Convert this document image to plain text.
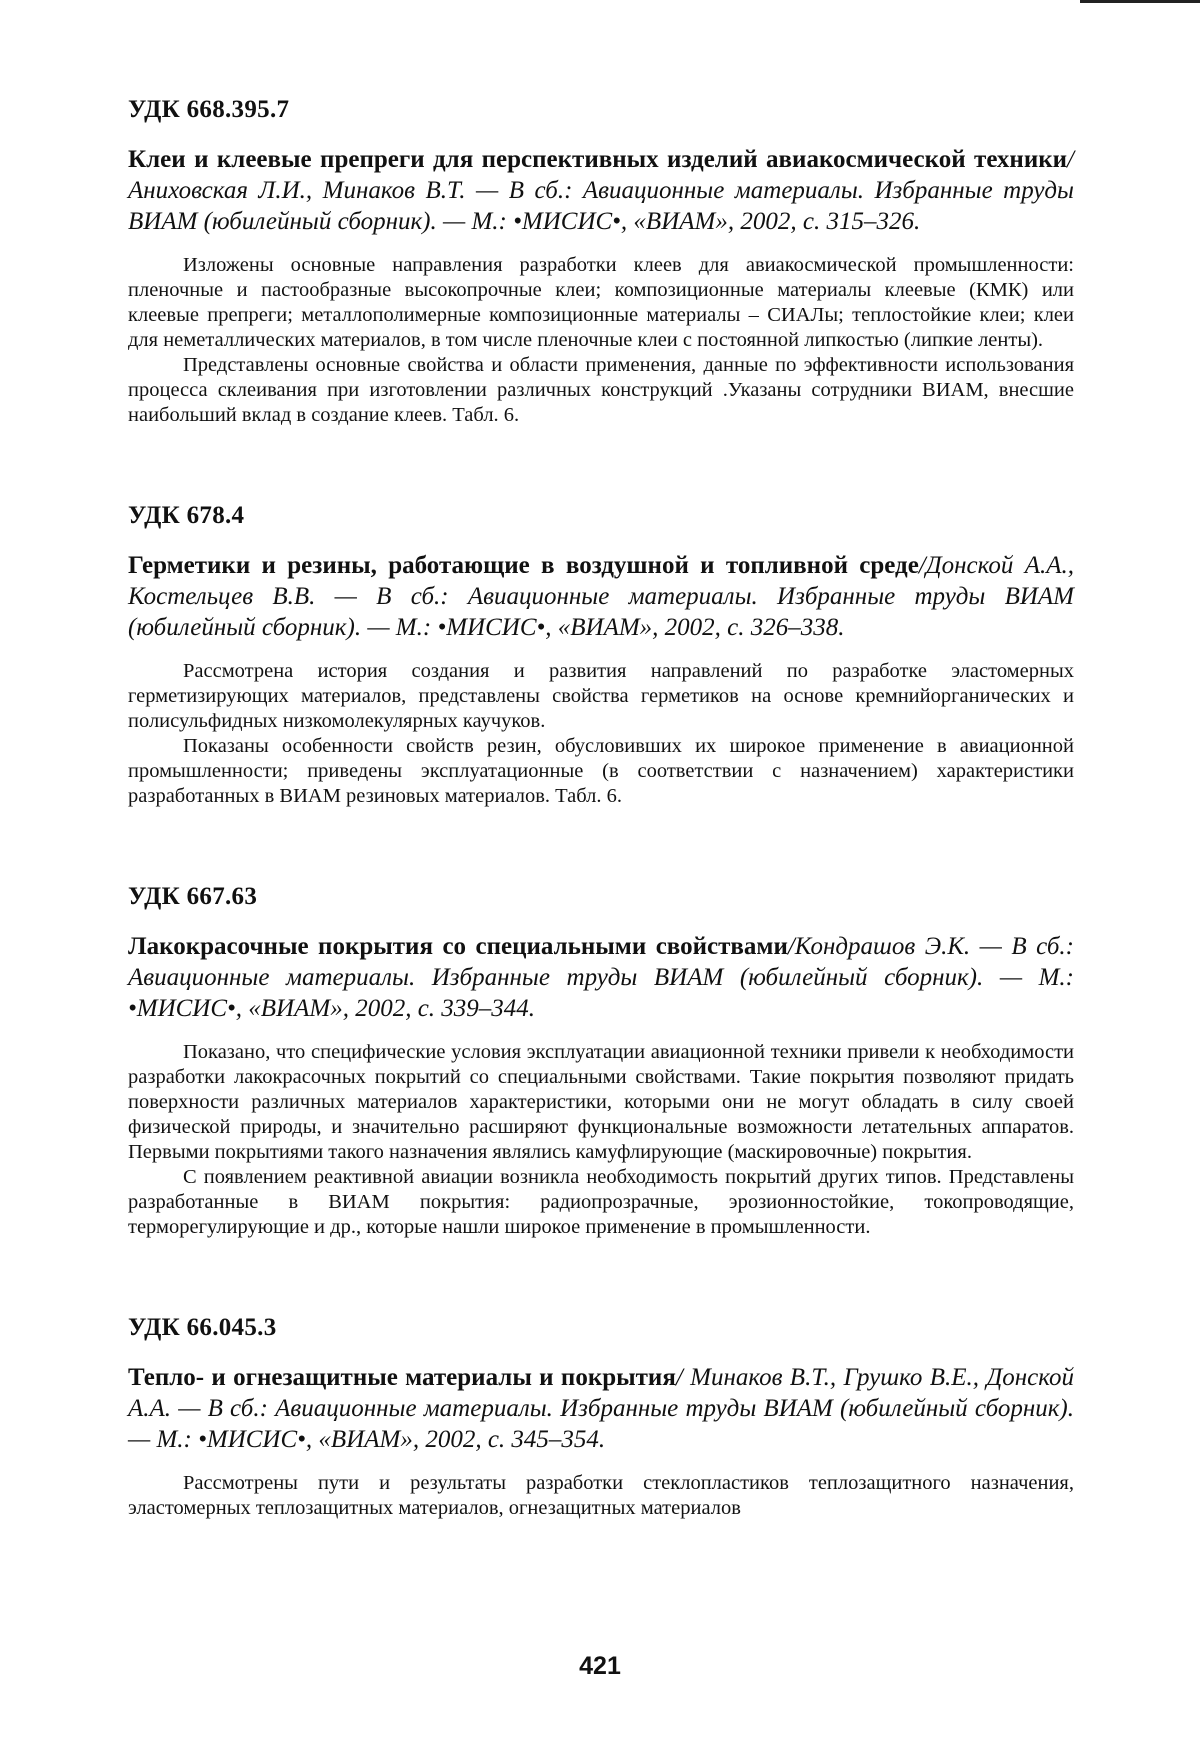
УДК 668.395.7

Клеи и клеевые препреги для перспективных изделий авиакосмической техники/ Аниховская Л.И., Минаков В.Т. — В сб.: Авиационные материалы. Избранные труды ВИАМ (юбилейный сборник). — М.: •МИСИС•, «ВИАМ», 2002, с. 315–326.

Изложены основные направления разработки клеев для авиакосмической промышленности: пленочные и пастообразные высокопрочные клеи; композиционные материалы клеевые (КМК) или клеевые препреги; металлополимерные композиционные материалы – СИАЛы; теплостойкие клеи; клеи для неметаллических материалов, в том числе пленочные клеи с постоянной липкостью (липкие ленты).

Представлены основные свойства и области применения, данные по эффективности использования процесса склеивания при изготовлении различных конструкций .Указаны сотрудники ВИАМ, внесшие наибольший вклад в создание клеев. Табл. 6.

УДК 678.4

Герметики и резины, работающие в воздушной и топливной среде/Донской А.А., Костельцев В.В. — В сб.: Авиационные материалы. Избранные труды ВИАМ (юбилейный сборник). — М.: •МИСИС•, «ВИАМ», 2002, с. 326–338.

Рассмотрена история создания и развития направлений по разработке эластомерных герметизирующих материалов, представлены свойства герметиков на основе кремнийорганических и полисульфидных низкомолекулярных каучуков.

Показаны особенности свойств резин, обусловивших их широкое применение в авиационной промышленности; приведены эксплуатационные (в соответствии с назначением) характеристики разработанных в ВИАМ резиновых материалов. Табл. 6.

УДК 667.63

Лакокрасочные покрытия со специальными свойствами/Кондрашов Э.К. — В сб.: Авиационные материалы. Избранные труды ВИАМ (юбилейный сборник). — М.: •МИСИС•, «ВИАМ», 2002, с. 339–344.

Показано, что специфические условия эксплуатации авиационной техники привели к необходимости разработки лакокрасочных покрытий со специальными свойствами. Такие покрытия позволяют придать поверхности различных материалов характеристики, которыми они не могут обладать в силу своей физической природы, и значительно расширяют функциональные возможности летательных аппаратов. Первыми покрытиями такого назначения являлись камуфлирующие (маскировочные) покрытия.

С появлением реактивной авиации возникла необходимость покрытий других типов. Представлены разработанные в ВИАМ покрытия: радиопрозрачные, эрозионностойкие, токопроводящие, терморегулирующие и др., которые нашли широкое применение в промышленности.

УДК 66.045.3

Тепло- и огнезащитные материалы и покрытия/ Минаков В.Т., Грушко В.Е., Донской А.А. — В сб.: Авиационные материалы. Избранные труды ВИАМ (юбилейный сборник). — М.: •МИСИС•, «ВИАМ», 2002, с. 345–354.

Рассмотрены пути и результаты разработки стеклопластиков теплозащитного назначения, эластомерных теплозащитных материалов, огнезащитных материалов

421
